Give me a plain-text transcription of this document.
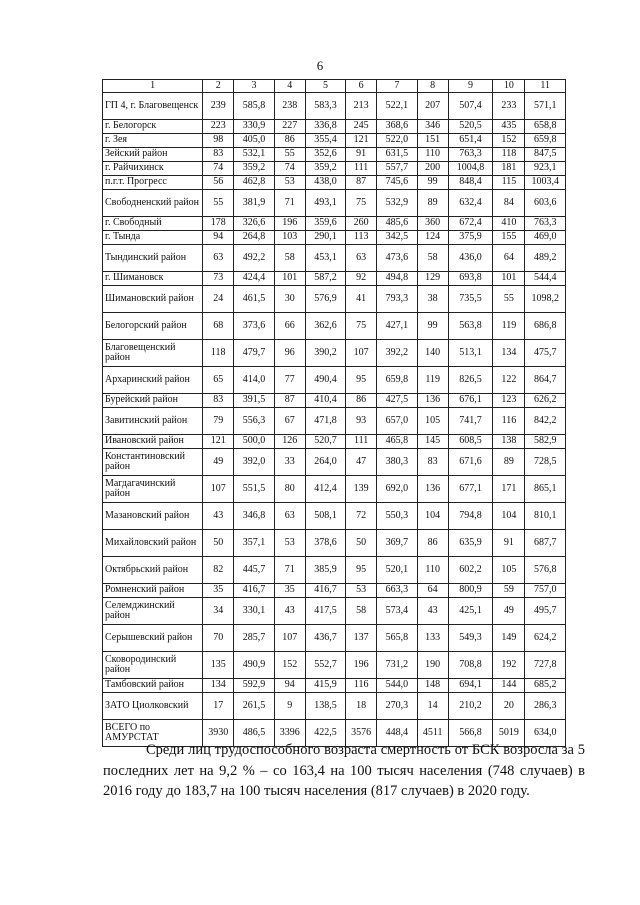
6
1	2	3	4	5	6	7	8	9	10	11
ГП 4, г. Благовещенск	239	585,8	238	583,3	213	522,1	207	507,4	233	571,1
г. Белогорск	223	330,9	227	336,8	245	368,6	346	520,5	435	658,8
г. Зея	98	405,0	86	355,4	121	522,0	151	651,4	152	659,8
Зейский район	83	532,1	55	352,6	91	631,5	110	763,3	118	847,5
г. Райчихинск	74	359,2	74	359,2	111	557,7	200	1004,8	181	923,1
п.г.т. Прогресс	56	462,8	53	438,0	87	745,6	99	848,4	115	1003,4
Свободненский район	55	381,9	71	493,1	75	532,9	89	632,4	84	603,6
г. Свободный	178	326,6	196	359,6	260	485,6	360	672,4	410	763,3
г. Тында	94	264,8	103	290,1	113	342,5	124	375,9	155	469,0
Тындинский район	63	492,2	58	453,1	63	473,6	58	436,0	64	489,2
г. Шимановск	73	424,4	101	587,2	92	494,8	129	693,8	101	544,4
Шимановский район	24	461,5	30	576,9	41	793,3	38	735,5	55	1098,2
Белогорский район	68	373,6	66	362,6	75	427,1	99	563,8	119	686,8
Благовещенский район	118	479,7	96	390,2	107	392,2	140	513,1	134	475,7
Архаринский район	65	414,0	77	490,4	95	659,8	119	826,5	122	864,7
Бурейский район	83	391,5	87	410,4	86	427,5	136	676,1	123	626,2
Завитинский район	79	556,3	67	471,8	93	657,0	105	741,7	116	842,2
Ивановский район	121	500,0	126	520,7	111	465,8	145	608,5	138	582,9
Константиновский район	49	392,0	33	264,0	47	380,3	83	671,6	89	728,5
Магдагачинский район	107	551,5	80	412,4	139	692,0	136	677,1	171	865,1
Мазановский район	43	346,8	63	508,1	72	550,3	104	794,8	104	810,1
Михайловский район	50	357,1	53	378,6	50	369,7	86	635,9	91	687,7
Октябрьский район	82	445,7	71	385,9	95	520,1	110	602,2	105	576,8
Ромненский район	35	416,7	35	416,7	53	663,3	64	800,9	59	757,0
Селемджинский район	34	330,1	43	417,5	58	573,4	43	425,1	49	495,7
Серышевский район	70	285,7	107	436,7	137	565,8	133	549,3	149	624,2
Сковородинский район	135	490,9	152	552,7	196	731,2	190	708,8	192	727,8
Тамбовский район	134	592,9	94	415,9	116	544,0	148	694,1	144	685,2
ЗАТО Циолковский	17	261,5	9	138,5	18	270,3	14	210,2	20	286,3
ВСЕГО по АМУРСТАТ	3930	486,5	3396	422,5	3576	448,4	4511	566,8	5019	634,0
Среди лиц трудоспособного возраста смертность от БСК возросла за 5 последних лет на 9,2 % – со 163,4 на 100 тысяч населения (748 случаев) в 2016 году до 183,7 на 100 тысяч населения (817 случаев) в 2020 году.
